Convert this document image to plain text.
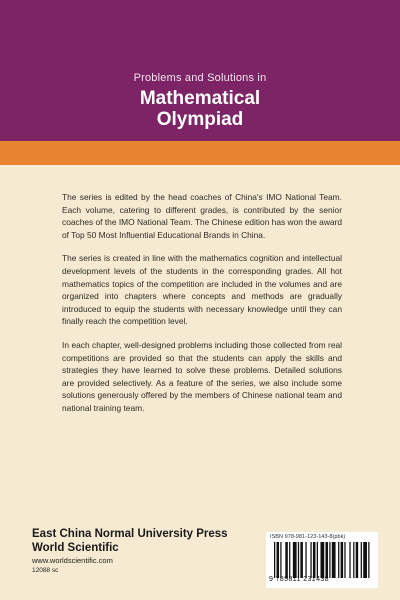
Problems and Solutions in
Mathematical
Olympiad

The series is edited by the head coaches of China's IMO National Team. Each volume, catering to different grades, is contributed by the senior coaches of the IMO National Team. The Chinese edition has won the award of Top 50 Most Influential Educational Brands in China.

The series is created in line with the mathematics cognition and intellectual development levels of the students in the corresponding grades. All hot mathematics topics of the competition are included in the volumes and are organized into chapters where concepts and methods are gradually introduced to equip the students with necessary knowledge until they can finally reach the competition level.

In each chapter, well-designed problems including those collected from real competitions are provided so that the students can apply the skills and strategies they have learned to solve these problems. Detailed solutions are provided selectively. As a feature of the series, we also include some solutions generously offered by the members of Chinese national team and national training team.

East China Normal University Press
World Scientific
www.worldscientific.com
12088 sc
ISBN 978-981-123-143-8(pbk)
9 789811 231438
